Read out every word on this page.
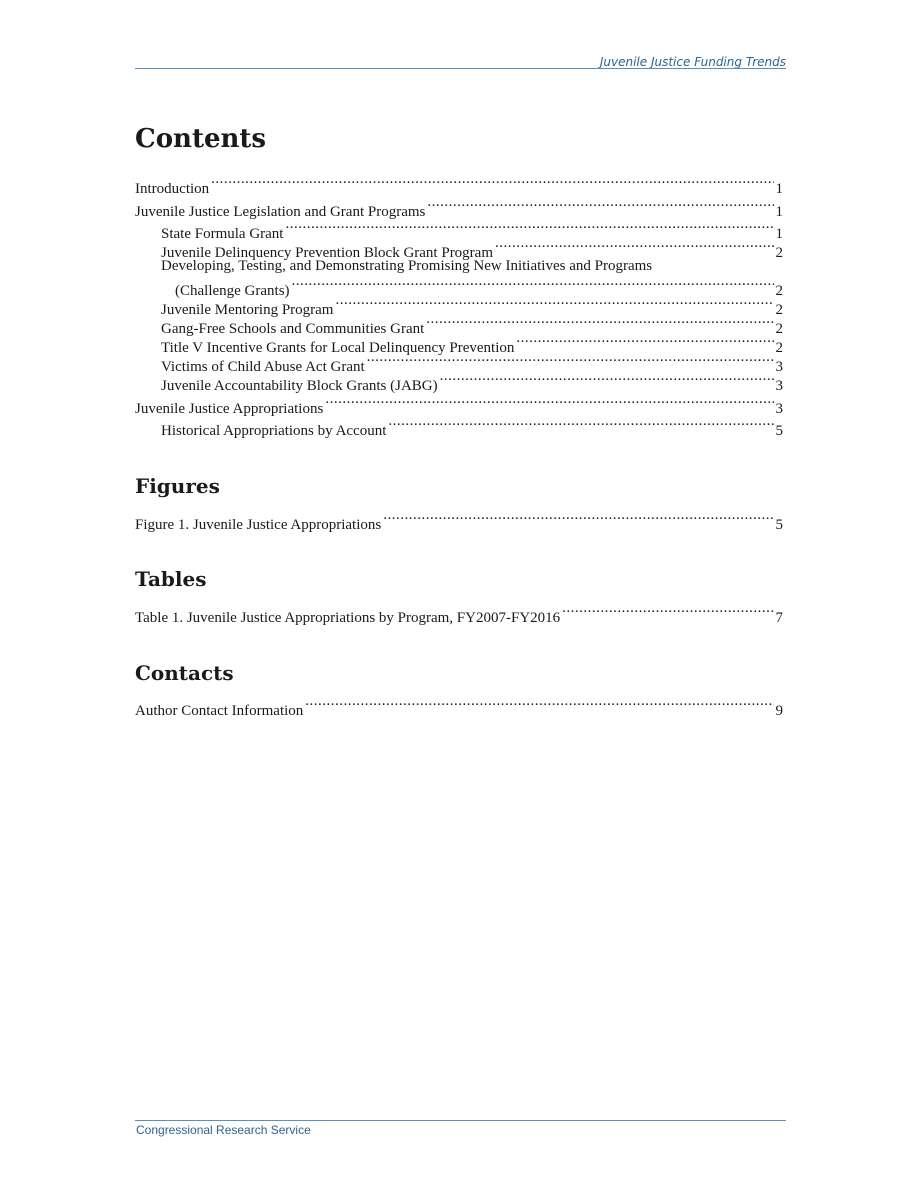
Juvenile Justice Funding Trends
Contents
Introduction .....	1
Juvenile Justice Legislation and Grant Programs .....	1
State Formula Grant .....	1
Juvenile Delinquency Prevention Block Grant Program .....	2
Developing, Testing, and Demonstrating Promising New Initiatives and Programs
(Challenge Grants) .....	2
Juvenile Mentoring Program .....	2
Gang-Free Schools and Communities Grant .....	2
Title V Incentive Grants for Local Delinquency Prevention .....	2
Victims of Child Abuse Act Grant .....	3
Juvenile Accountability Block Grants (JABG) .....	3
Juvenile Justice Appropriations .....	3
Historical Appropriations by Account .....	5
Figures
Figure 1. Juvenile Justice Appropriations .....	5
Tables
Table 1. Juvenile Justice Appropriations by Program, FY2007-FY2016 .....	7
Contacts
Author Contact Information .....	9
Congressional Research Service
